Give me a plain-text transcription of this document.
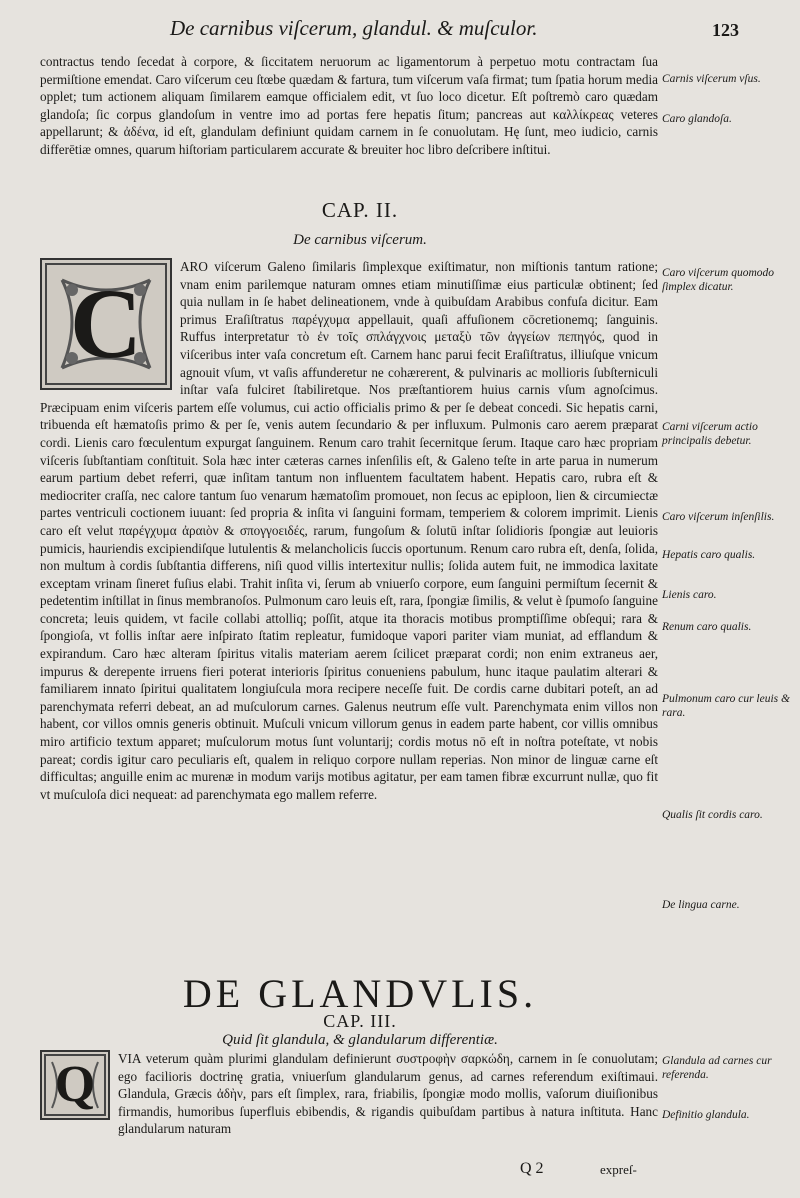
De carnibus viſcerum, glandul. & muſculor.	123

contractus tendo ſecedat à corpore, & ſiccitatem neruorum ac ligamentorum à perpetuo motu contractam ſua permiſtione emendat. Caro viſcerum ceu ſtœbe quædam & fartura, tum viſcerum vaſa firmat; tum ſpatia horum media opplet; tum actionem aliquam ſimilarem eamque officialem edit, vt ſuo loco dicetur. Eſt poſtremò caro quædam glandoſa; ſic corpus glandoſum in ventre imo ad portas fere hepatis ſitum; pancreas aut καλλίκρεας veteres appellarunt; & ἀδένα, id eſt, glandulam definiunt quidam carnem in ſe conuolutam. Hę ſunt, meo iudicio, carnis differētiæ omnes, quarum hiſtoriam particularem accurate & breuiter hoc libro deſcribere inſtitui.

CAP. II.
De carnibus viſcerum.
C

ARO viſcerum Galeno ſimilaris ſimplexque exiſtimatur, non miſtionis tantum ratione; vnam enim parilemque naturam omnes etiam minutiſſimæ eius particulæ obtinent; ſed quia nullam in ſe habet delineationem, vnde à quibuſdam Arabibus confuſa dicitur. Eam primus Eraſiſtratus παρέγχυμα appellauit, quaſi affuſionem cōcretionemq; ſanguinis. Ruffus interpretatur τὸ ἐν τοῖς σπλάγχνοις μεταξὺ τῶν ἀγγείων πεπηγός, quod in viſceribus inter vaſa concretum eſt. Carnem hanc parui fecit Eraſiſtratus, illiuſque vnicum agnouit vſum, vt vaſis affunderetur ne cohærerent, & pulvinaris ac mollioris ſubſterniculi inſtar vaſa fulciret ſtabiliretque. Nos præſtantiorem huius carnis vſum agnoſcimus. Præcipuam enim viſceris partem eſſe volumus, cui actio officialis primo & per ſe debeat concedi. Sic hepatis carni, tribuenda eſt hæmatoſis primo & per ſe, venis autem ſecundario & per influxum. Pulmonis caro aerem præparat cordi. Lienis caro fœculentum expurgat ſanguinem. Renum caro trahit ſecernitque ſerum. Itaque caro hæc propriam viſceris ſubſtantiam conſtituit. Sola hæc inter cæteras carnes inſenſilis eſt, & Galeno teſte in arte parua in numerum earum partium debet referri, quæ inſitam tantum non influentem facultatem habent. Hepatis caro, rubra eſt & mediocriter craſſa, nec calore tantum ſuo venarum hæmatoſim promouet, non ſecus ac epiploon, lien & circumiectæ partes ventriculi coctionem iuuant: ſed propria & inſita vi ſanguini formam, temperiem & colorem imprimit. Lienis caro eſt velut παρέγχυμα ἀραιὸν & σπογγοειδές, rarum, fungoſum & ſolutū inſtar ſolidioris ſpongiæ aut leuioris pumicis, hauriendis excipiendiſque lutulentis & melancholicis ſuccis oportunum. Renum caro rubra eſt, denſa, ſolida, non multum à cordis ſubſtantia differens, niſi quod villis intertexitur nullis; ſolida autem fuit, ne immodica laxitate exceptam vrinam ſineret fuſius elabi. Trahit inſita vi, ſerum ab vniuerſo corpore, eum ſanguini permiſtum ſecernit & pedetentim inſtillat in ſinus membranoſos. Pulmonum caro leuis eſt, rara, ſpongiæ ſimilis, & velut è ſpumoſo ſanguine concreta; leuis quidem, vt facile collabi attolliq; poſſit, atque ita thoracis motibus promptiſſime obſequi; rara & ſpongioſa, vt follis inſtar aere inſpirato ſtatim repleatur, fumidoque vapori pariter viam muniat, ad efflandum & expirandum. Caro hæc alteram ſpiritus vitalis materiam aerem ſcilicet præparat cordi; non enim extraneus aer, impurus & derepente irruens fieri poterat interioris ſpiritus conueniens pabulum, hunc itaque paulatim alterari & familiarem innato ſpiritui qualitatem longiuſcula mora recipere neceſſe fuit. De cordis carne dubitari poteſt, an ad parenchymata referri debeat, an ad muſculorum carnes. Galenus neutrum eſſe vult. Parenchymata enim villos non habent, cor villos omnis generis obtinuit. Muſculi vnicum villorum genus in eadem parte habent, cor villis omnibus miro artificio textum apparet; muſculorum motus ſunt voluntarij; cordis motus nō eſt in noſtra poteſtate, vt nobis pareat; cordis igitur caro peculiaris eſt, qualem in reliquo corpore nullam reperias. Non minor de linguæ carne eſt difficultas; anguille enim ac murenæ in modum varijs motibus agitatur, per eam tamen fibræ excurrunt nullæ, quo fit vt muſculoſa dici nequeat: ad parenchymata ego mallem referre.

DE GLANDVLIS.
CAP. III.
Quid ſit glandula, & glandularum differentiæ.
Q	VIA veterum quàm plurimi glandulam definierunt συστροφὴν σαρκώδη, carnem in ſe conuolutam; ego facilioris doctrinę gratia, vniuerſum glandularum genus, ad carnes referendum exiſtimaui. Glandula, Græcis ἀδὴν, pars eſt ſimplex, rara, friabilis, ſpongiæ modo mollis, vaſorum diuiſionibus firmandis, humoribus ſuperfluis ebibendis, & rigandis quibuſdam partibus à natura inſtituta. Hanc glandularum naturam

Carnis viſcerum vſus.
Caro glandoſa.
Caro viſcerum quomodo ſimplex dicatur.
Carni viſcerum actio principalis debetur.
Caro viſcerum inſenſilis.
Hepatis caro qualis.
Lienis caro.
Renum caro qualis.
Pulmonum caro cur leuis & rara.
Qualis ſit cordis caro.
De lingua carne.
Glandula ad carnes cur referenda.
Definitio glandula.
Q 2	expreſ-
